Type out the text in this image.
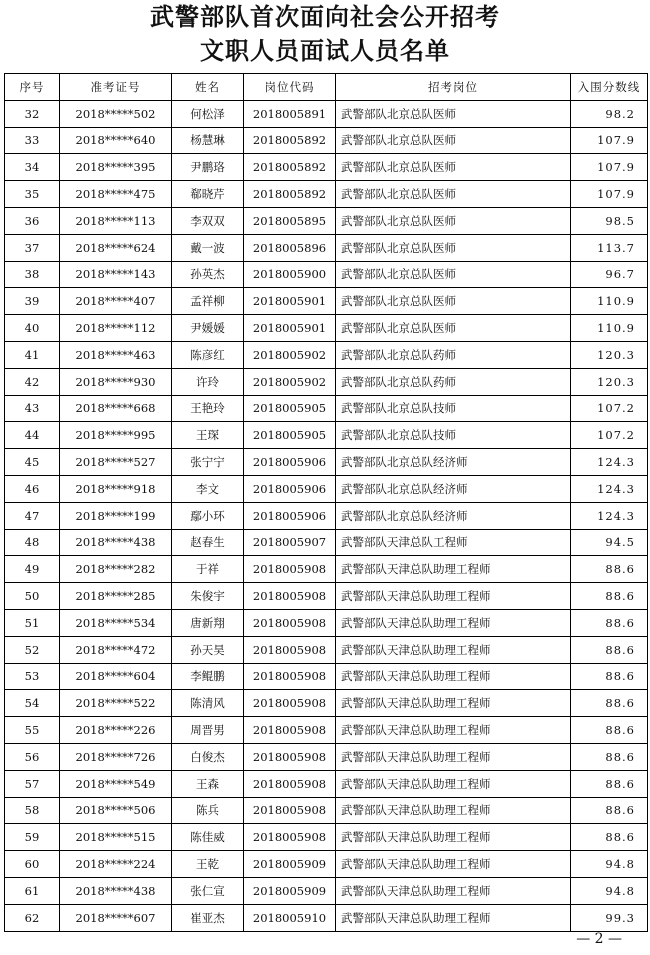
武警部队首次面向社会公开招考
文职人员面试人员名单
序号	准考证号	姓名	岗位代码	招考岗位	入围分数线
32	2018*****502	何松泽	2018005891	武警部队北京总队医师	98.2
33	2018*****640	杨慧琳	2018005892	武警部队北京总队医师	107.9
34	2018*****395	尹鹏珞	2018005892	武警部队北京总队医师	107.9
35	2018*****475	郗晓芹	2018005892	武警部队北京总队医师	107.9
36	2018*****113	李双双	2018005895	武警部队北京总队医师	98.5
37	2018*****624	戴一波	2018005896	武警部队北京总队医师	113.7
38	2018*****143	孙英杰	2018005900	武警部队北京总队医师	96.7
39	2018*****407	孟祥柳	2018005901	武警部队北京总队医师	110.9
40	2018*****112	尹媛媛	2018005901	武警部队北京总队医师	110.9
41	2018*****463	陈彦红	2018005902	武警部队北京总队药师	120.3
42	2018*****930	许玲	2018005902	武警部队北京总队药师	120.3
43	2018*****668	王艳玲	2018005905	武警部队北京总队技师	107.2
44	2018*****995	王琛	2018005905	武警部队北京总队技师	107.2
45	2018*****527	张宁宁	2018005906	武警部队北京总队经济师	124.3
46	2018*****918	李文	2018005906	武警部队北京总队经济师	124.3
47	2018*****199	鄢小环	2018005906	武警部队北京总队经济师	124.3
48	2018*****438	赵春生	2018005907	武警部队天津总队工程师	94.5
49	2018*****282	于祥	2018005908	武警部队天津总队助理工程师	88.6
50	2018*****285	朱俊宇	2018005908	武警部队天津总队助理工程师	88.6
51	2018*****534	唐新翔	2018005908	武警部队天津总队助理工程师	88.6
52	2018*****472	孙天昊	2018005908	武警部队天津总队助理工程师	88.6
53	2018*****604	李鲲鹏	2018005908	武警部队天津总队助理工程师	88.6
54	2018*****522	陈清风	2018005908	武警部队天津总队助理工程师	88.6
55	2018*****226	周晋男	2018005908	武警部队天津总队助理工程师	88.6
56	2018*****726	白俊杰	2018005908	武警部队天津总队助理工程师	88.6
57	2018*****549	王森	2018005908	武警部队天津总队助理工程师	88.6
58	2018*****506	陈兵	2018005908	武警部队天津总队助理工程师	88.6
59	2018*****515	陈佳威	2018005908	武警部队天津总队助理工程师	88.6
60	2018*****224	王乾	2018005909	武警部队天津总队助理工程师	94.8
61	2018*****438	张仁宣	2018005909	武警部队天津总队助理工程师	94.8
62	2018*****607	崔亚杰	2018005910	武警部队天津总队助理工程师	99.3
— 2 —
